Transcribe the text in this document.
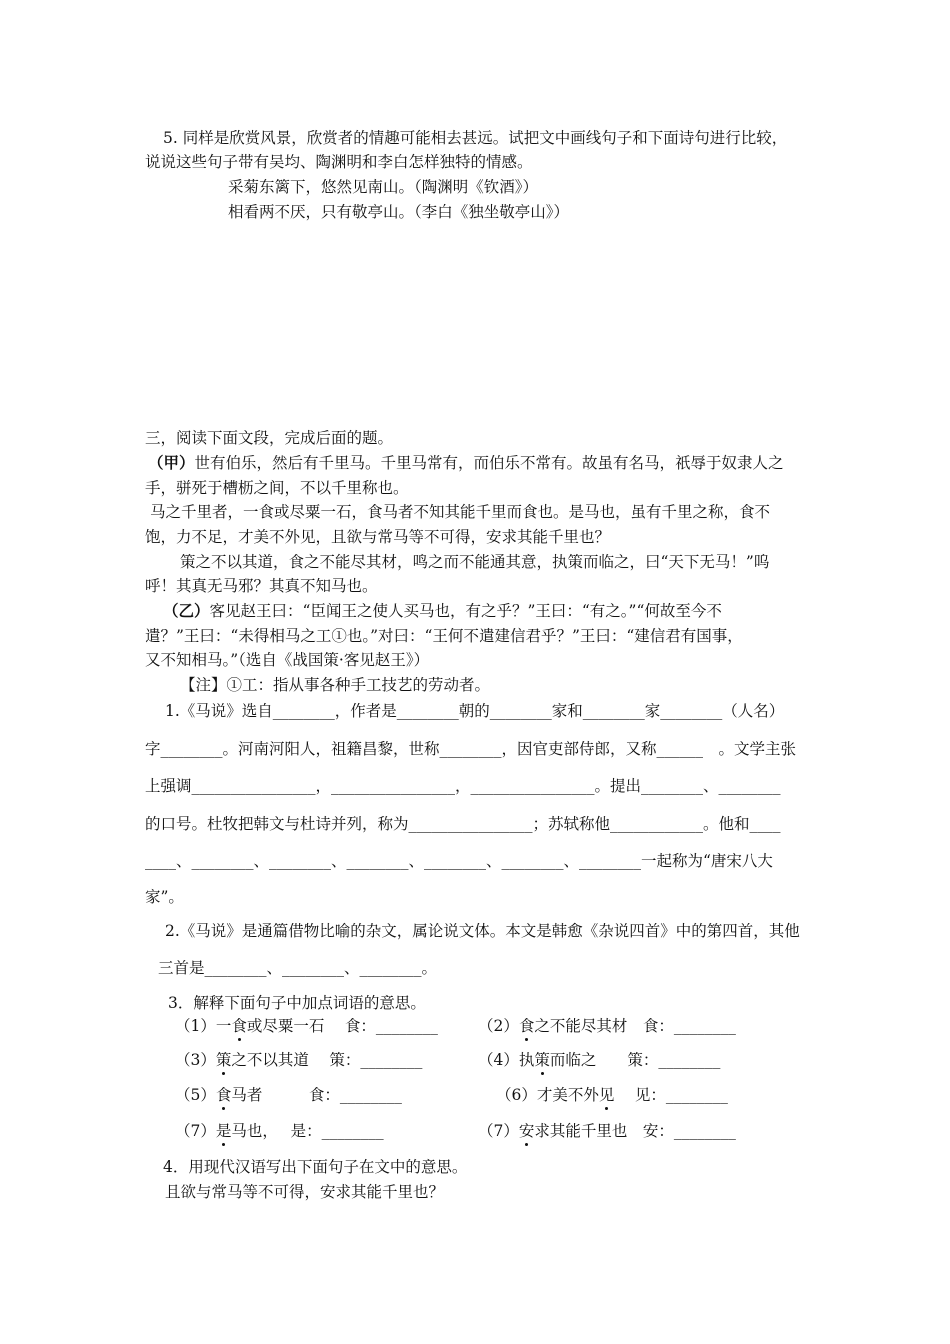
5. 同样是欣赏风景，欣赏者的情趣可能相去甚远。试把文中画线句子和下面诗句进行比较，
说说这些句子带有吴均、陶渊明和李白怎样独特的情感。
采菊东篱下，悠然见南山。（陶渊明《钦酒》）
相看两不厌，只有敬亭山。（李白《独坐敬亭山》）
三，阅读下面文段，完成后面的题。
（甲）世有伯乐，然后有千里马。千里马常有，而伯乐不常有。故虽有名马，祇辱于奴隶人之
手，骈死于槽枥之间，不以千里称也。
马之千里者，一食或尽粟一石，食马者不知其能千里而食也。是马也，虽有千里之称，食不
饱，力不足，才美不外见，且欲与常马等不可得，安求其能千里也？
策之不以其道，食之不能尽其材，鸣之而不能通其意，执策而临之，曰“天下无马！”呜
呼！其真无马邪？其真不知马也。
（乙）客见赵王曰：“臣闻王之使人买马也，有之乎？”王曰：“有之。”“何故至今不
遣？”王曰：“未得相马之工①也。”对曰：“王何不遣建信君乎？”王曰：“建信君有国事，
又不知相马。”（选自《战国策·客见赵王》）
【注】①工：指从事各种手工技艺的劳动者。
1.《马说》选自________，作者是________朝的________家和________家________（人名）
字________。河南河阳人，祖籍昌黎，世称________，因官吏部侍郎，又称______　。文学主张
上强调________________，________________，________________。提出________、________
的口号。杜牧把韩文与杜诗并列，称为________________；苏轼称他____________。他和____
____、________、________、________、________、________、________一起称为“唐宋八大
家”。
2.《马说》是通篇借物比喻的杂文，属论说文体。本文是韩愈《杂说四首》中的第四首，其他
三首是________、________、________。
3．解释下面句子中加点词语的意思。
（1）一食或尽粟一石　 食：________	（2）食之不能尽其材　食：________
（3）策之不以其道　 策：________	（4）执策而临之　　策：________
（5）食马者　　　食：________	（6）才美不外见　 见：________
（7）是马也，　 是：________	（7）安求其能千里也　安：________
4．用现代汉语写出下面句子在文中的意思。
且欲与常马等不可得，安求其能千里也？
